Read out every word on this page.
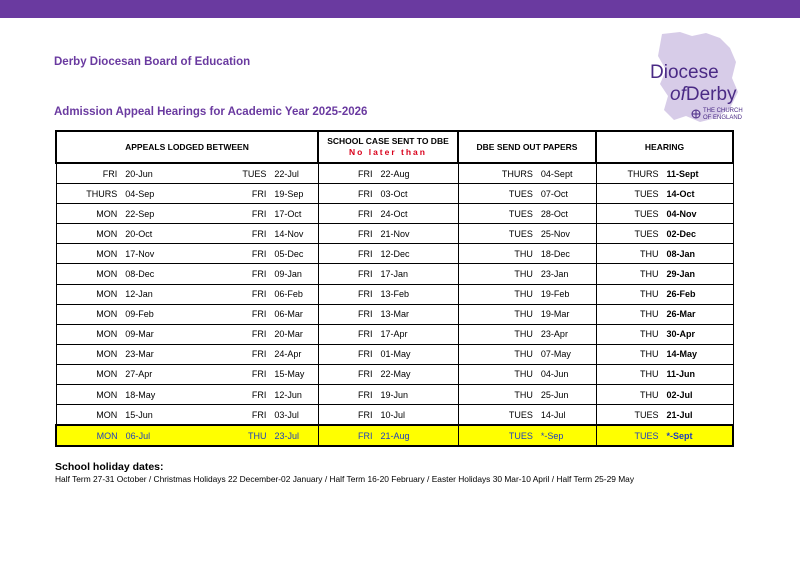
Derby Diocesan Board of Education
Admission Appeal Hearings for Academic Year 2025-2026
Diocese
ofDerby
THE CHURCH
OF ENGLAND
APPEALS LODGED BETWEEN	SCHOOL CASE SENT TO DBE
No later than	DBE SEND OUT PAPERS	HEARING

FRI 20-Jun TUES 22-Jul	FRI 22-Aug	THURS 04-Sept	THURS 11-Sept

THURS 04-Sep FRI 19-Sep	FRI 03-Oct	TUES 07-Oct	TUES 14-Oct

MON 22-Sep FRI 17-Oct	FRI 24-Oct	TUES 28-Oct	TUES 04-Nov

MON 20-Oct FRI 14-Nov	FRI 21-Nov	TUES 25-Nov	TUES 02-Dec

MON 17-Nov FRI 05-Dec	FRI 12-Dec	THU 18-Dec	THU 08-Jan

MON 08-Dec FRI 09-Jan	FRI 17-Jan	THU 23-Jan	THU 29-Jan

MON 12-Jan FRI 06-Feb	FRI 13-Feb	THU 19-Feb	THU 26-Feb

MON 09-Feb FRI 06-Mar	FRI 13-Mar	THU 19-Mar	THU 26-Mar

MON 09-Mar FRI 20-Mar	FRI 17-Apr	THU 23-Apr	THU 30-Apr

MON 23-Mar FRI 24-Apr	FRI 01-May	THU 07-May	THU 14-May

MON 27-Apr FRI 15-May	FRI 22-May	THU 04-Jun	THU 11-Jun

MON 18-May FRI 12-Jun	FRI 19-Jun	THU 25-Jun	THU 02-Jul

MON 15-Jun FRI 03-Jul	FRI 10-Jul	TUES 14-Jul	TUES 21-Jul

MON 06-Jul THU 23-Jul	FRI 21-Aug	TUES *-Sep	TUES *-Sept
School holiday dates:
Half Term 27-31 October / Christmas Holidays 22 December-02 January / Half Term 16-20 February / Easter Holidays 30 Mar-10 April / Half Term 25-29 May
